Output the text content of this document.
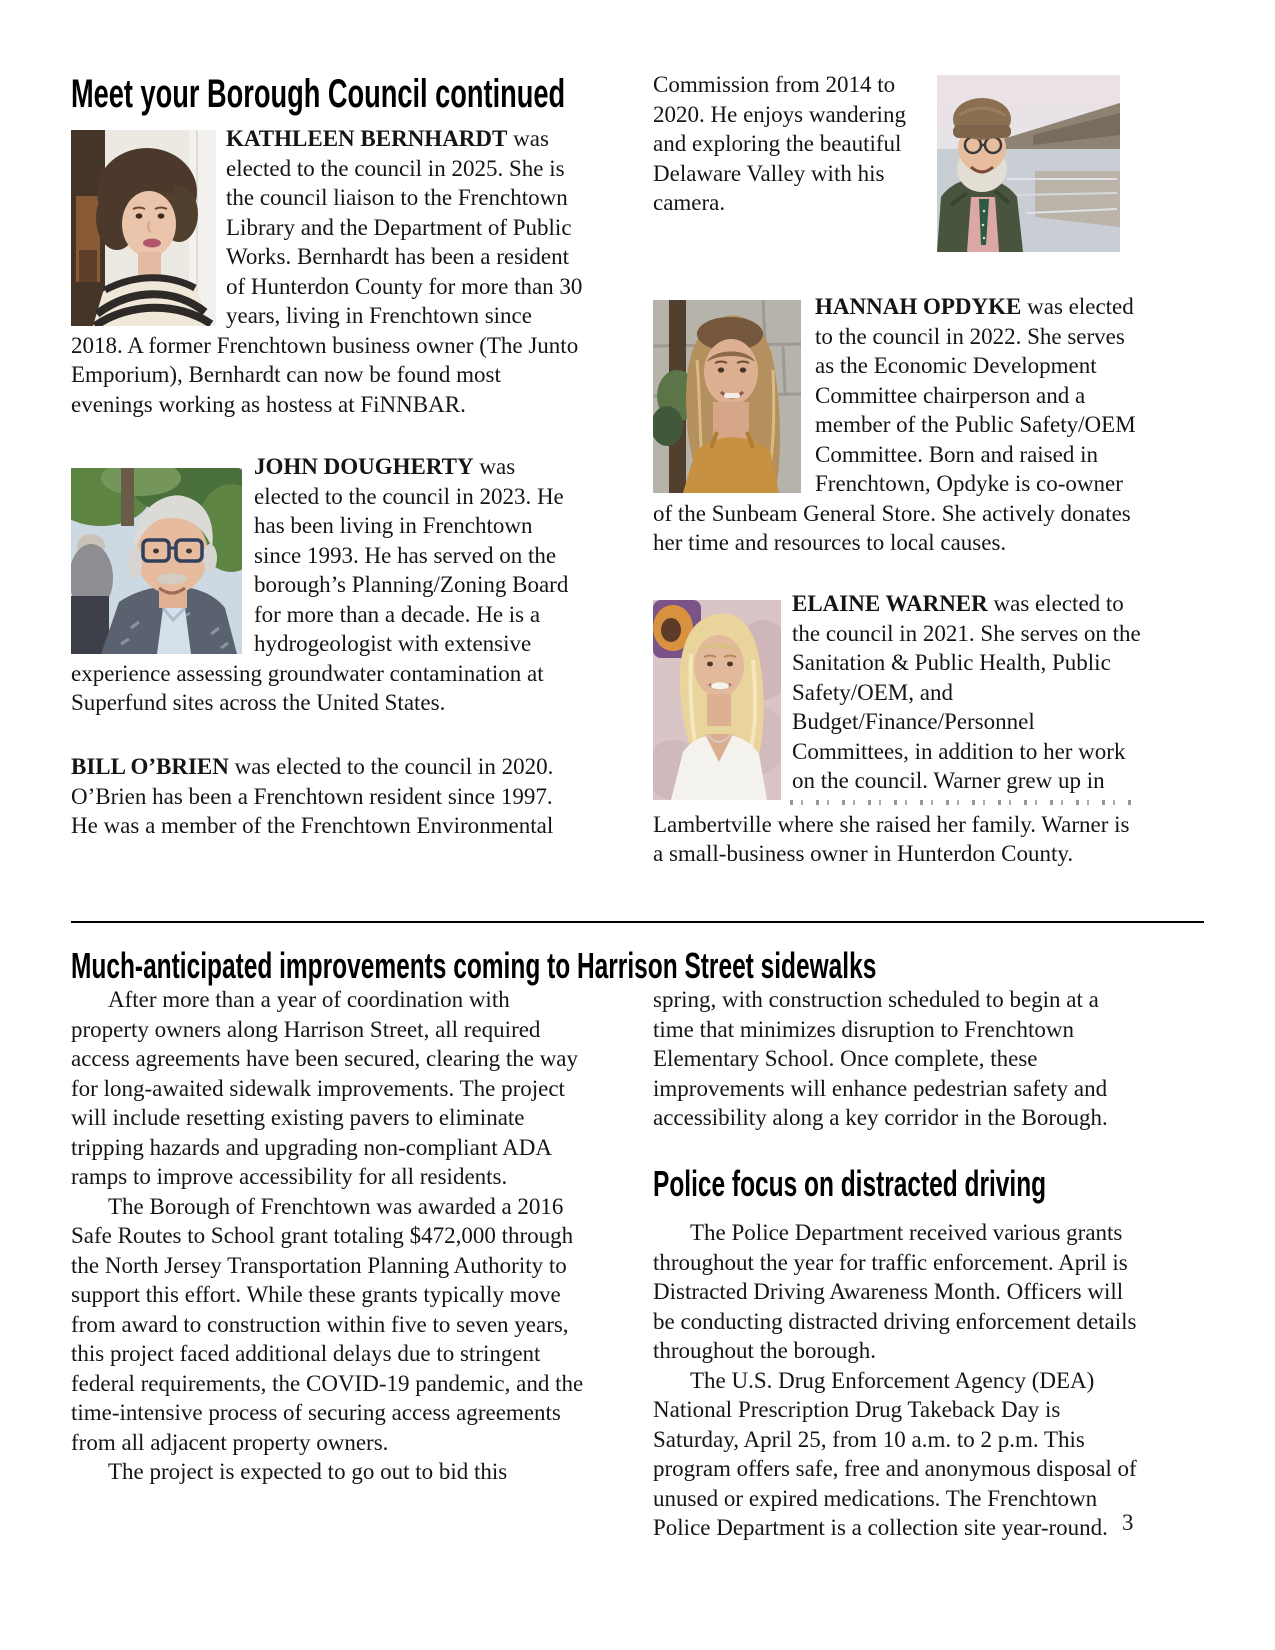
Meet your Borough Council continued

KATHLEEN BERNHARDT was elected to the council in 2025. She is the council liaison to the Frenchtown Library and the Department of Public Works. Bernhardt has been a resident of Hunterdon County for more than 30 years, living in Frenchtown since 2018. A former Frenchtown business owner (The Junto Emporium), Bernhardt can now be found most evenings working as hostess at FiNNBAR.

JOHN DOUGHERTY was elected to the council in 2023. He has been living in Frenchtown since 1993. He has served on the borough’s Planning/Zoning Board for more than a decade. He is a hydrogeologist with extensive experience assessing groundwater contamination at Superfund sites across the United States.

BILL O’BRIEN was elected to the council in 2020. O’Brien has been a Frenchtown resident since 1997. He was a member of the Frenchtown Environmental

Commission from 2014 to 2020. He enjoys wandering and exploring the beautiful Delaware Valley with his camera.

HANNAH OPDYKE was elected to the council in 2022. She serves as the Economic Development Committee chairperson and a member of the Public Safety/OEM Committee. Born and raised in Frenchtown, Opdyke is co-owner of the Sunbeam General Store. She actively donates her time and resources to local causes.

ELAINE WARNER was elected to the council in 2021. She serves on the Sanitation & Public Health, Public Safety/OEM, and Budget/Finance/Personnel Committees, in addition to her work on the council. Warner grew up in
Lambertville where she raised her family. Warner is a small-business owner in Hunterdon County.

Much-anticipated improvements coming to Harrison Street sidewalks

After more than a year of coordination with property owners along Harrison Street, all required access agreements have been secured, clearing the way for long-awaited sidewalk improvements. The project will include resetting existing pavers to eliminate tripping hazards and upgrading non-compliant ADA ramps to improve accessibility for all residents.

The Borough of Frenchtown was awarded a 2016 Safe Routes to School grant totaling $472,000 through the North Jersey Transportation Planning Authority to support this effort. While these grants typically move from award to construction within five to seven years, this project faced additional delays due to stringent federal requirements, the COVID-19 pandemic, and the time-intensive process of securing access agreements from all adjacent property owners.

The project is expected to go out to bid this

spring, with construction scheduled to begin at a time that minimizes disruption to Frenchtown Elementary School. Once complete, these improvements will enhance pedestrian safety and accessibility along a key corridor in the Borough.

Police focus on distracted driving

The Police Department received various grants throughout the year for traffic enforcement. April is Distracted Driving Awareness Month. Officers will be conducting distracted driving enforcement details throughout the borough.

The U.S. Drug Enforcement Agency (DEA) National Prescription Drug Takeback Day is Saturday, April 25, from 10 a.m. to 2 p.m. This program offers safe, free and anonymous disposal of unused or expired medications. The Frenchtown Police Department is a collection site year-round. 3
